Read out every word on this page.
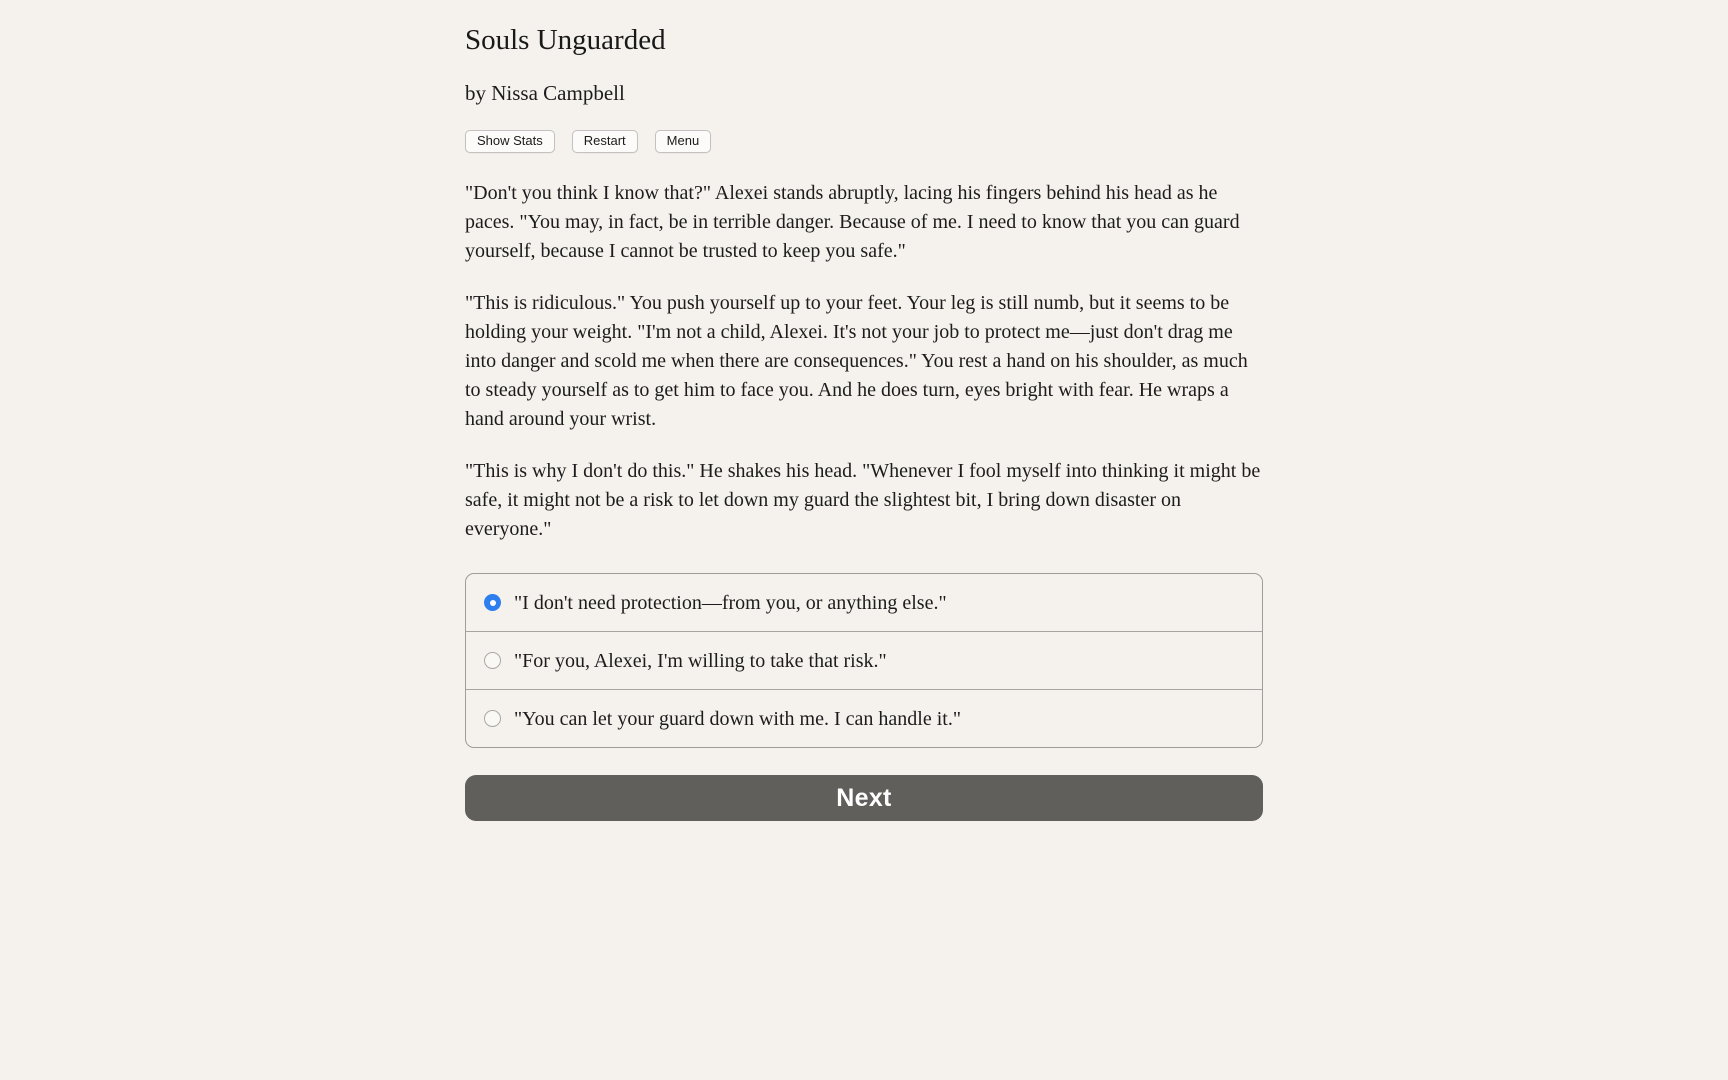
Souls Unguarded

by Nissa Campbell

Show Stats	Restart	Menu

"Don't you think I know that?" Alexei stands abruptly, lacing his fingers behind his head as he paces. "You may, in fact, be in terrible danger. Because of me. I need to know that you can guard yourself, because I cannot be trusted to keep you safe."

"This is ridiculous." You push yourself up to your feet. Your leg is still numb, but it seems to be holding your weight. "I'm not a child, Alexei. It's not your job to protect me—just don't drag me into danger and scold me when there are consequences." You rest a hand on his shoulder, as much to steady yourself as to get him to face you. And he does turn, eyes bright with fear. He wraps a hand around your wrist.

"This is why I don't do this." He shakes his head. "Whenever I fool myself into thinking it might be safe, it might not be a risk to let down my guard the slightest bit, I bring down disaster on everyone."

"I don't need protection—from you, or anything else."
"For you, Alexei, I'm willing to take that risk."
"You can let your guard down with me. I can handle it."
Next
